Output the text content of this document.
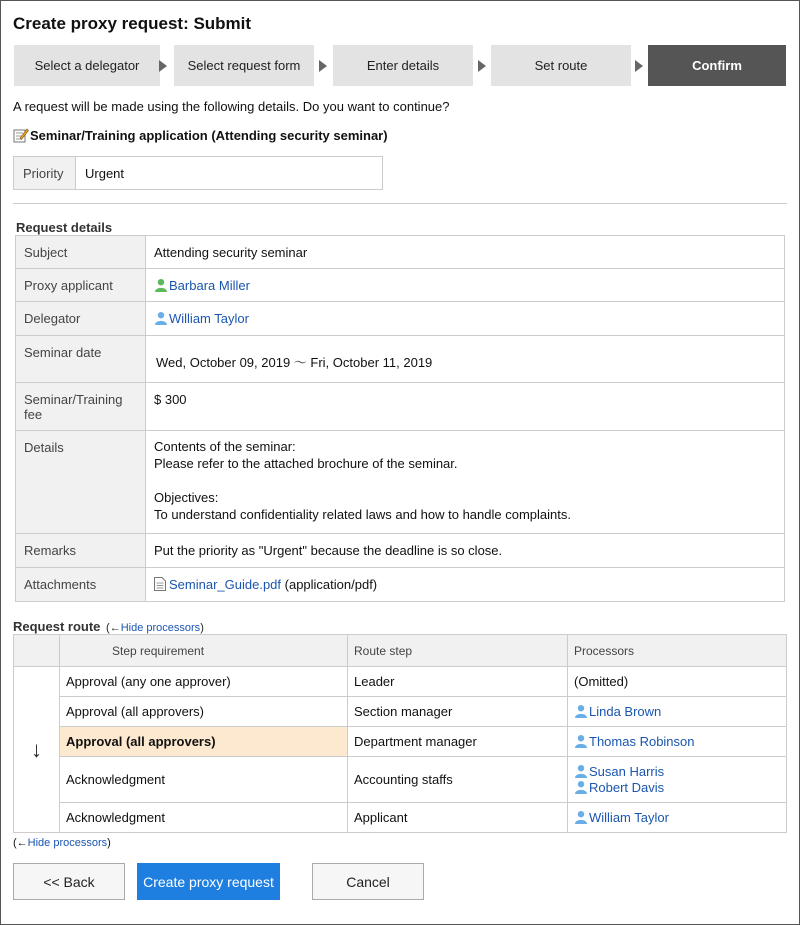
Create proxy request: Submit
Select a delegator	Select request form	Enter details	Set route	Confirm
A request will be made using the following details. Do you want to continue?
Seminar/Training application (Attending security seminar)
Priority	Urgent
Request details
Subject	Attending security seminar
Proxy applicant	Barbara Miller
Delegator	William Taylor
Seminar date	Wed, October 09, 2019 ～ Fri, October 11, 2019
Seminar/Training fee	$ 300
Details	Contents of the seminar:
Please refer to the attached brochure of the seminar.
Objectives:
To understand confidentiality related laws and how to handle complaints.

Remarks	Put the priority as "Urgent" because the deadline is so close.
Attachments	Seminar_Guide.pdf (application/pdf)
Request route (←Hide processors)
	Step requirement	Route step	Processors
↓	Approval (any one approver)	Leader	(Omitted)
	Approval (all approvers)	Section manager	Linda Brown
	Approval (all approvers)	Department manager	Thomas Robinson
	Acknowledgment	Accounting staffs	Susan Harris
Robert Davis

	Acknowledgment	Applicant	William Taylor
(←Hide processors)
<< Back	Create proxy request	Cancel
